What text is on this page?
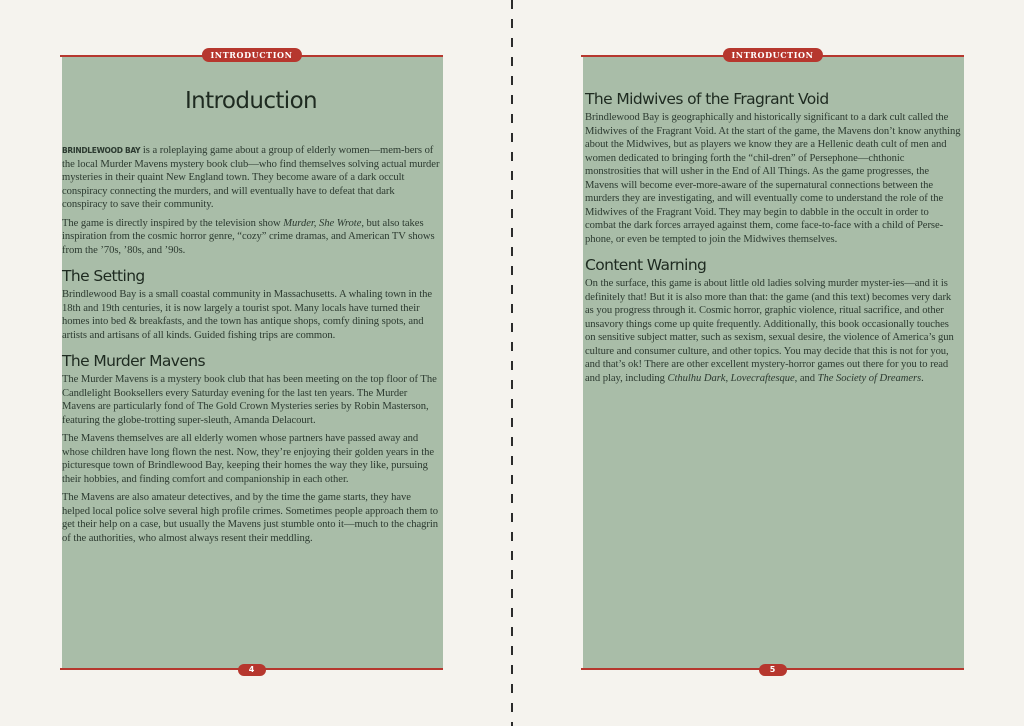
INTRODUCTION
Introduction

BRINDLEWOOD BAY is a roleplaying game about a group of elderly women—mem-bers of the local Murder Mavens mystery book club—who find themselves solving actual murder mysteries in their quaint New England town. They become aware of a dark occult conspiracy connecting the murders, and will eventually have to defeat that dark conspiracy to save their community.

The game is directly inspired by the television show Murder, She Wrote, but also takes inspiration from the cosmic horror genre, “cozy” crime dramas, and American TV shows from the ’70s, ’80s, and ’90s.

The Setting

Brindlewood Bay is a small coastal community in Massachusetts. A whaling town in the 18th and 19th centuries, it is now largely a tourist spot. Many locals have turned their homes into bed & breakfasts, and the town has antique shops, comfy dining spots, and artists and artisans of all kinds. Guided fishing trips are common.

The Murder Mavens

The Murder Mavens is a mystery book club that has been meeting on the top floor of The Candlelight Booksellers every Saturday evening for the last ten years. The Murder Mavens are particularly fond of The Gold Crown Mysteries series by Robin Masterson, featuring the globe-trotting super-sleuth, Amanda Delacourt.

The Mavens themselves are all elderly women whose partners have passed away and whose children have long flown the nest. Now, they’re enjoying their golden years in the picturesque town of Brindlewood Bay, keeping their homes the way they like, pursuing their hobbies, and finding comfort and companionship in each other.

The Mavens are also amateur detectives, and by the time the game starts, they have helped local police solve several high profile crimes. Sometimes people approach them to get their help on a case, but usually the Mavens just stumble onto it—much to the chagrin of the authorities, who almost always resent their meddling.

4
INTRODUCTION
The Midwives of the Fragrant Void

Brindlewood Bay is geographically and historically significant to a dark cult called the Midwives of the Fragrant Void. At the start of the game, the Mavens don’t know anything about the Midwives, but as players we know they are a Hellenic death cult of men and women dedicated to bringing forth the “chil-dren” of Persephone—chthonic monstrosities that will usher in the End of All Things. As the game progresses, the Mavens will become ever-more-aware of the supernatural connections between the murders they are investigating, and will eventually come to understand the role of the Midwives of the Fragrant Void. They may begin to dabble in the occult in order to combat the dark forces arrayed against them, come face-to-face with a child of Perse-phone, or even be tempted to join the Midwives themselves.

Content Warning

On the surface, this game is about little old ladies solving murder myster-ies—and it is definitely that! But it is also more than that: the game (and this text) becomes very dark as you progress through it. Cosmic horror, graphic violence, ritual sacrifice, and other unsavory things come up quite frequently. Additionally, this book occasionally touches on sensitive subject matter, such as sexism, sexual desire, the violence of America’s gun culture and consumer culture, and other topics. You may decide that this is not for you, and that’s ok! There are other excellent mystery-horror games out there for you to read and play, including Cthulhu Dark, Lovecraftesque, and The Society of Dreamers.

5
